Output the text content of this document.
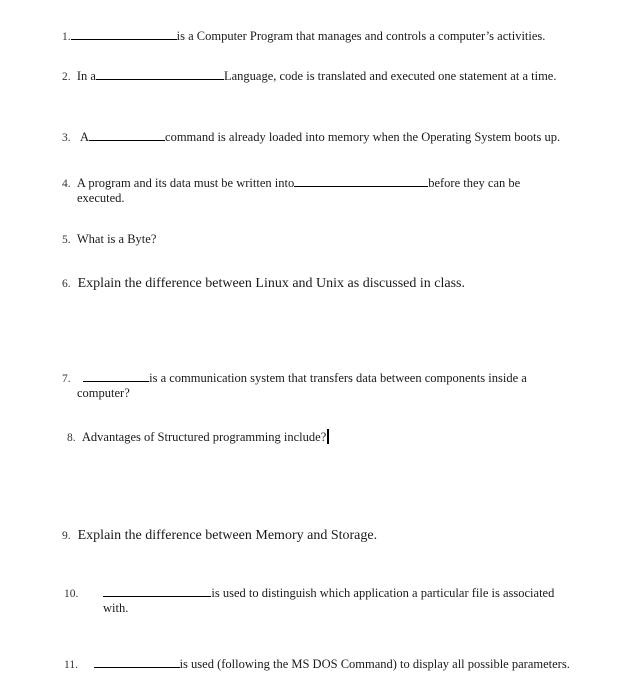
1.	is a Computer Program that manages and controls a computer’s activities.
2. In a	Language, code is translated and executed one statement at a time.
3. A	command is already loaded into memory when the Operating System boots up.
4. A program and its data must be written into	before they can be
executed.
5. What is a Byte?
6. Explain the difference between Linux and Unix as discussed in class.
7.	is a communication system that transfers data between components inside a
computer?
8. Advantages of Structured programming include?
9. Explain the difference between Memory and Storage.
10.	is used to distinguish which application a particular file is associated
with.
11.	is used (following the MS DOS Command) to display all possible parameters.
